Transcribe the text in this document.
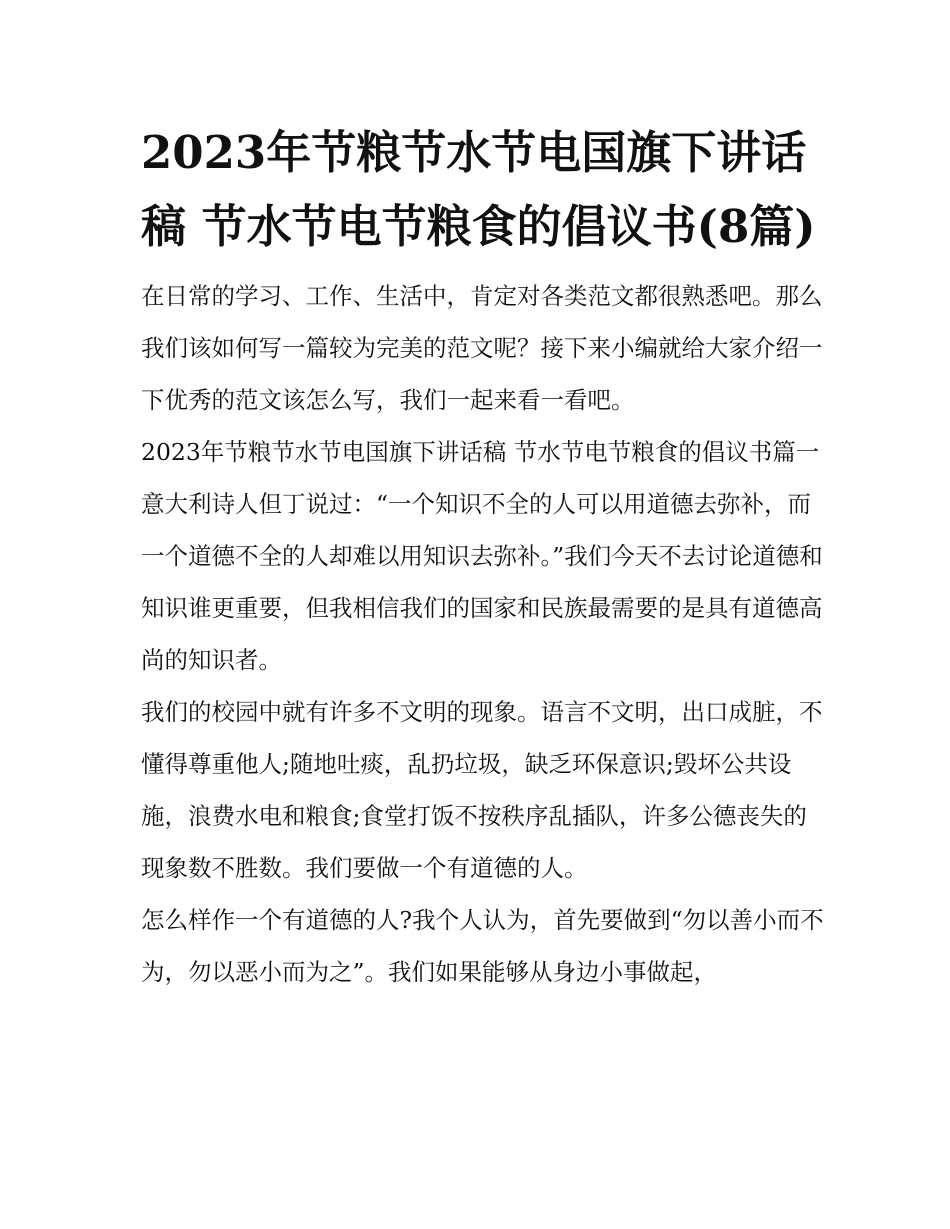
2023年节粮节水节电国旗下讲话稿 节水节电节粮食的倡议书(8篇)

在日常的学习、工作、生活中，肯定对各类范文都很熟悉吧。那么我们该如何写一篇较为完美的范文呢？接下来小编就给大家介绍一下优秀的范文该怎么写，我们一起来看一看吧。

2023年节粮节水节电国旗下讲话稿 节水节电节粮食的倡议书篇一

意大利诗人但丁说过：“一个知识不全的人可以用道德去弥补，而一个道德不全的人却难以用知识去弥补。”我们今天不去讨论道德和知识谁更重要，但我相信我们的国家和民族最需要的是具有道德高尚的知识者。

我们的校园中就有许多不文明的现象。语言不文明，出口成脏，不懂得尊重他人;随地吐痰，乱扔垃圾，缺乏环保意识;毁坏公共设施，浪费水电和粮食;食堂打饭不按秩序乱插队，许多公德丧失的现象数不胜数。我们要做一个有道德的人。

怎么样作一个有道德的人?我个人认为，首先要做到“勿以善小而不为，勿以恶小而为之”。我们如果能够从身边小事做起，
